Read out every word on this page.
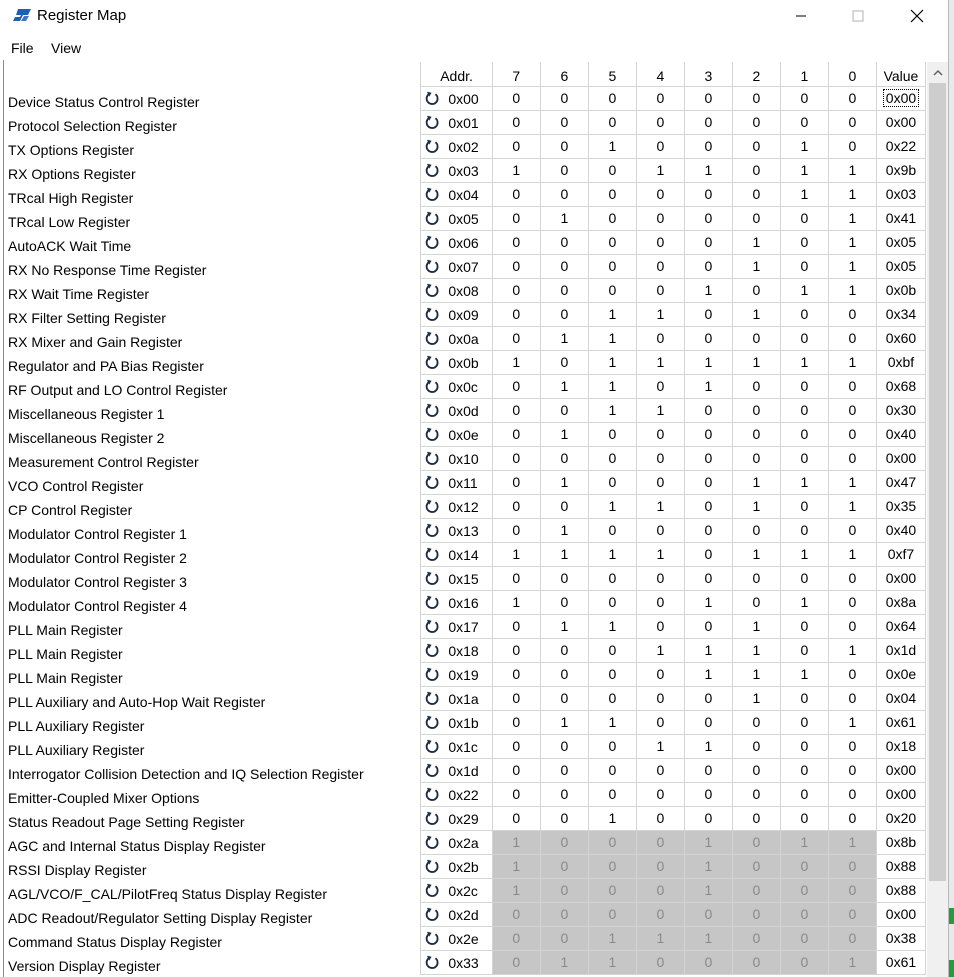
Register Map
File View
	Addr.	7	6	5	4	3	2	1	0	Value
Device Status Control Register	0x00	0	0	0	0	0	0	0	0	0x00
Protocol Selection Register	0x01	0	0	0	0	0	0	0	0	0x00
TX Options Register	0x02	0	0	1	0	0	0	1	0	0x22
RX Options Register	0x03	1	0	0	1	1	0	1	1	0x9b
TRcal High Register	0x04	0	0	0	0	0	0	1	1	0x03
TRcal Low Register	0x05	0	1	0	0	0	0	0	1	0x41
AutoACK Wait Time	0x06	0	0	0	0	0	1	0	1	0x05
RX No Response Time Register	0x07	0	0	0	0	0	1	0	1	0x05
RX Wait Time Register	0x08	0	0	0	0	1	0	1	1	0x0b
RX Filter Setting Register	0x09	0	0	1	1	0	1	0	0	0x34
RX Mixer and Gain Register	0x0a	0	1	1	0	0	0	0	0	0x60
Regulator and PA Bias Register	0x0b	1	0	1	1	1	1	1	1	0xbf
RF Output and LO Control Register	0x0c	0	1	1	0	1	0	0	0	0x68
Miscellaneous Register 1	0x0d	0	0	1	1	0	0	0	0	0x30
Miscellaneous Register 2	0x0e	0	1	0	0	0	0	0	0	0x40
Measurement Control Register	0x10	0	0	0	0	0	0	0	0	0x00
VCO Control Register	0x11	0	1	0	0	0	1	1	1	0x47
CP Control Register	0x12	0	0	1	1	0	1	0	1	0x35
Modulator Control Register 1	0x13	0	1	0	0	0	0	0	0	0x40
Modulator Control Register 2	0x14	1	1	1	1	0	1	1	1	0xf7
Modulator Control Register 3	0x15	0	0	0	0	0	0	0	0	0x00
Modulator Control Register 4	0x16	1	0	0	0	1	0	1	0	0x8a
PLL Main Register	0x17	0	1	1	0	0	1	0	0	0x64
PLL Main Register	0x18	0	0	0	1	1	1	0	1	0x1d
PLL Main Register	0x19	0	0	0	0	1	1	1	0	0x0e
PLL Auxiliary and Auto-Hop Wait Register	0x1a	0	0	0	0	0	1	0	0	0x04
PLL Auxiliary Register	0x1b	0	1	1	0	0	0	0	1	0x61
PLL Auxiliary Register	0x1c	0	0	0	1	1	0	0	0	0x18
Interrogator Collision Detection and IQ Selection Register	0x1d	0	0	0	0	0	0	0	0	0x00
Emitter-Coupled Mixer Options	0x22	0	0	0	0	0	0	0	0	0x00
Status Readout Page Setting Register	0x29	0	0	1	0	0	0	0	0	0x20
AGC and Internal Status Display Register	0x2a	1	0	0	0	1	0	1	1	0x8b
RSSI Display Register	0x2b	1	0	0	0	1	0	0	0	0x88
AGL/VCO/F_CAL/PilotFreq Status Display Register	0x2c	1	0	0	0	1	0	0	0	0x88
ADC Readout/Regulator Setting Display Register	0x2d	0	0	0	0	0	0	0	0	0x00
Command Status Display Register	0x2e	0	0	1	1	1	0	0	0	0x38
Version Display Register	0x33	0	1	1	0	0	0	0	1	0x61
